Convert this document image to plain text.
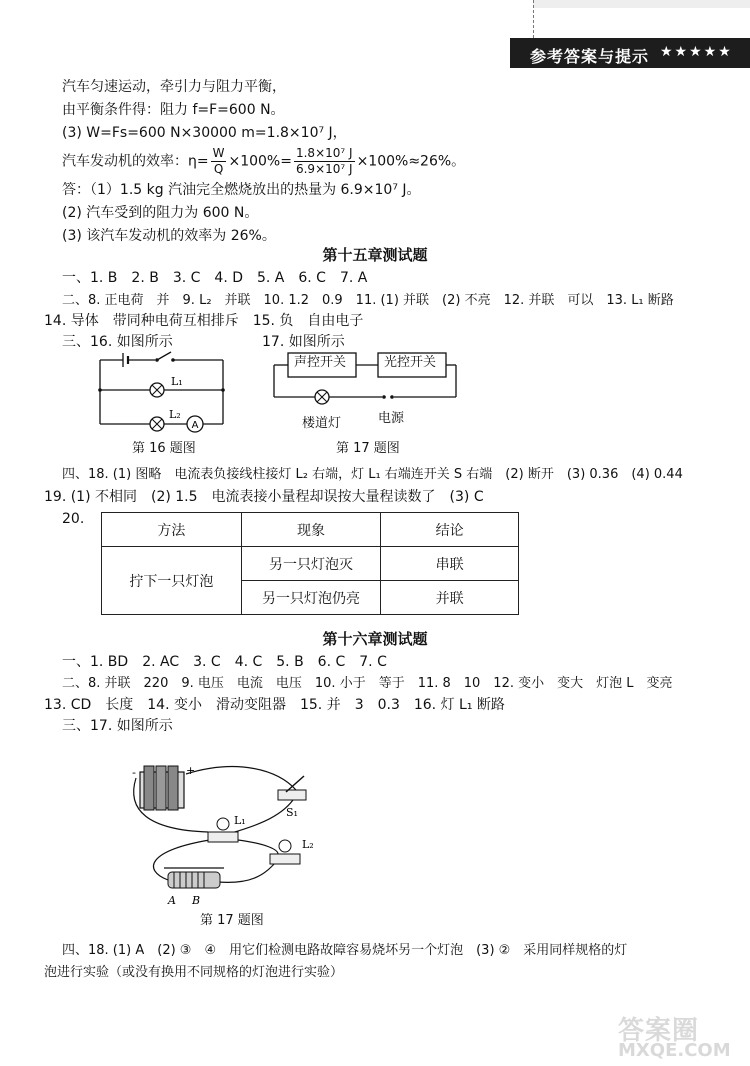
参考答案与提示 ★★★★★
汽车匀速运动，牵引力与阻力平衡，
由平衡条件得：阻力 f=F=600 N。
(3) W=Fs=600 N×30000 m=1.8×10⁷ J，
汽车发动机的效率：$\eta= \frac{W}{Q} \times 100\%= \frac{\text{1.8×10⁷ J}}{\text{6.9×10⁷ J}} \times 100\%\approx 26\%$。
答：（1）1.5 kg 汽油完全燃烧放出的热量为 6.9×10⁷ J。
(2) 汽车受到的阻力为 600 N。
(3) 该汽车发动机的效率为 26%。
第十五章测试题
一、1. B　2. B　3. C　4. D　5. A　6. C　7. A
二、8. 正电荷　并　9. L₂　并联　10. 1.2　0.9　11. (1) 并联　(2) 不亮　12. 并联　可以　13. L₁ 断路
14. 导体　带同种电荷互相排斥　15. 负　自由电子
三、16. 如图所示	17. 如图所示
L₁
A
L₂
第 16 题图
声控开关	光控开关
楼道灯	电源
第 17 题图
四、18. (1) 图略　电流表负接线柱接灯 L₂ 右端，灯 L₁ 右端连开关 S 右端　(2) 断开　(3) 0.36　(4) 0.44
19. (1) 不相同　(2) 1.5　电流表接小量程却误按大量程读数了　(3) C
20.
方法	现象	结论
拧下一只灯泡	另一只灯泡灭	串联
	另一只灯泡仍亮	并联
第十六章测试题
一、1. BD　2. AC　3. C　4. C　5. B　6. C　7. C
二、8. 并联　220　9. 电压　电流　电压　10. 小于　等于　11. 8　10　12. 变小　变大　灯泡 L　变亮
13. CD　长度　14. 变小　滑动变阻器　15. 并　3　0.3　16. 灯 L₁ 断路
三、17. 如图所示
-	+
S₁
L₁
L₂
A B
第 17 题图
四、18. (1) A　(2) ③　④　用它们检测电路故障容易烧坏另一个灯泡　(3) ②　采用同样规格的灯
泡进行实验（或没有换用不同规格的灯泡进行实验）
答案圈
MXQE.COM
